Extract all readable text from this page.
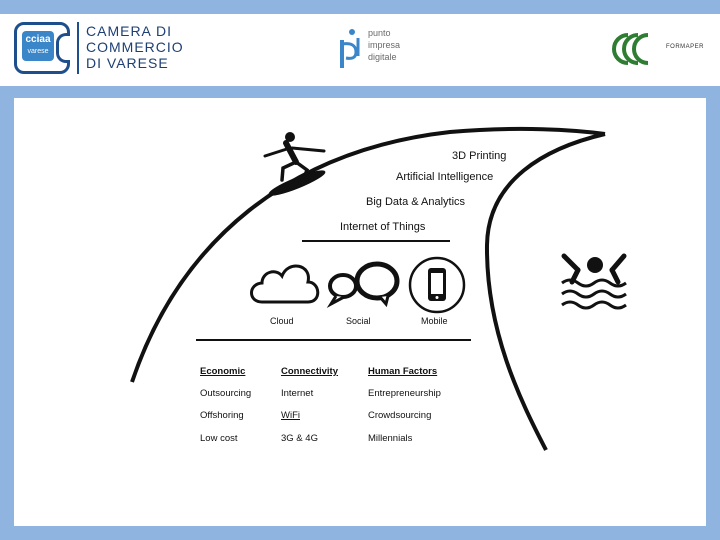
cciaa
varese
CAMERA DI
COMMERCIO
DI VARESE
punto
impresa
digitale
FORMAPER
3D Printing
Artificial Intelligence
Big Data & Analytics
Internet of Things
Cloud	Social	Mobile
Economic	Connectivity	Human Factors
Outsourcing	Internet	Entrepreneurship
Offshoring	WiFi	Crowdsourcing
Low cost	3G & 4G	Millennials
